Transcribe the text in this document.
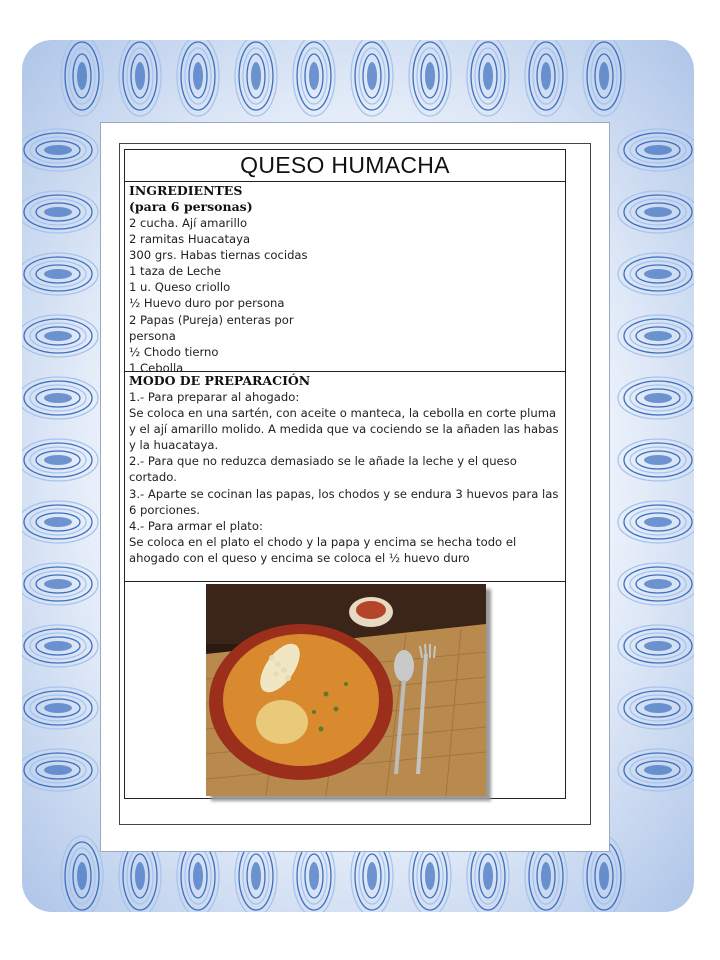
QUESO HUMACHA
INGREDIENTES
(para 6 personas)
2 cucha. Ají amarillo
2 ramitas Huacataya
300 grs. Habas tiernas cocidas
1 taza de Leche
1 u. Queso criollo
½ Huevo duro por persona
2 Papas (Pureja) enteras por persona
½ Chodo tierno
1 Cebolla
MODO DE PREPARACIÓN
1.- Para preparar al ahogado:
Se coloca en una sartén, con aceite o manteca, la cebolla en corte pluma y el ají amarillo molido. A medida que va cociendo se la añaden las habas y la huacataya.
2.- Para que no reduzca demasiado se le añade la leche y el queso cortado.
3.- Aparte se cocinan las papas, los chodos y se endura 3 huevos para las 6 porciones.
4.- Para armar el plato:
Se coloca en el plato el chodo y la papa y encima se hecha todo el ahogado con el queso y encima se coloca el ½ huevo duro
